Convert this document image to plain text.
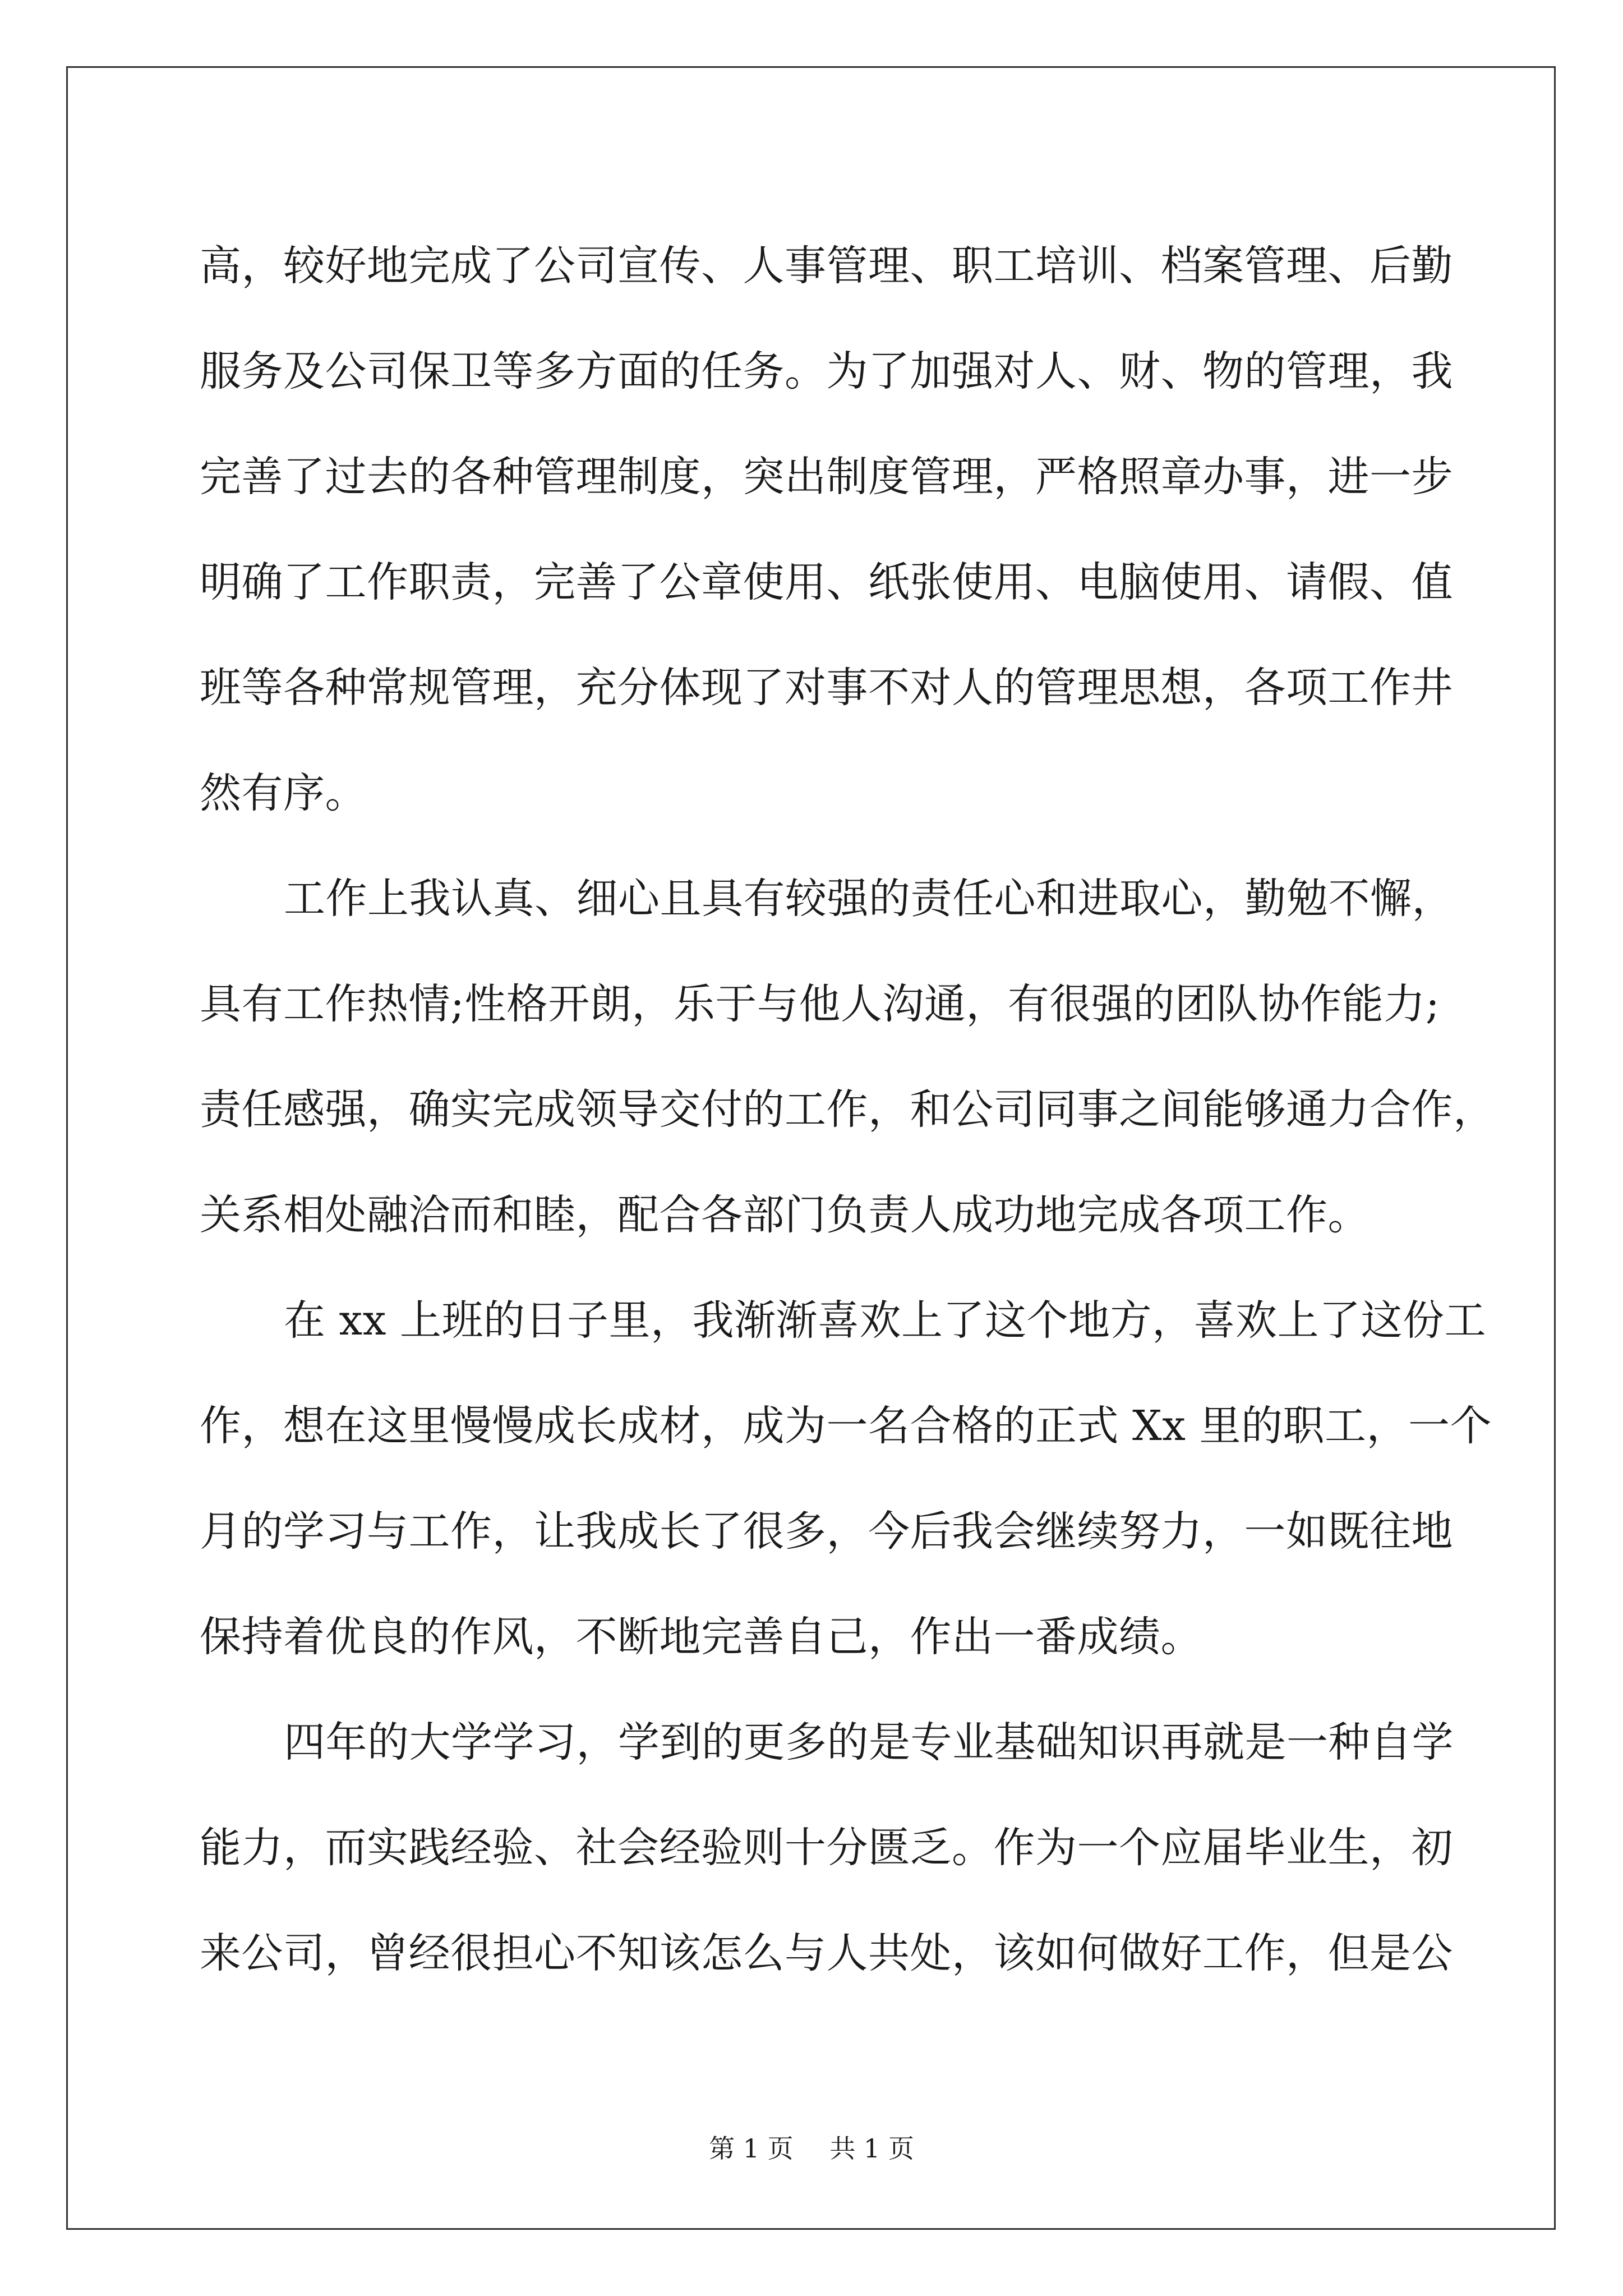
高，较好地完成了公司宣传、人事管理、职工培训、档案管理、后勤
服务及公司保卫等多方面的任务。为了加强对人、财、物的管理，我
完善了过去的各种管理制度，突出制度管理，严格照章办事，进一步
明确了工作职责，完善了公章使用、纸张使用、电脑使用、请假、值
班等各种常规管理，充分体现了对事不对人的管理思想，各项工作井
然有序。
工作上我认真、细心且具有较强的责任心和进取心，勤勉不懈，
具有工作热情;性格开朗，乐于与他人沟通，有很强的团队协作能力;
责任感强，确实完成领导交付的工作，和公司同事之间能够通力合作，
关系相处融洽而和睦，配合各部门负责人成功地完成各项工作。
在 xx 上班的日子里，我渐渐喜欢上了这个地方，喜欢上了这份工
作，想在这里慢慢成长成材，成为一名合格的正式 Xx 里的职工，一个
月的学习与工作，让我成长了很多，今后我会继续努力，一如既往地
保持着优良的作风，不断地完善自己，作出一番成绩。
四年的大学学习，学到的更多的是专业基础知识再就是一种自学
能力，而实践经验、社会经验则十分匮乏。作为一个应届毕业生，初
来公司，曾经很担心不知该怎么与人共处，该如何做好工作，但是公
第 1 页 共 1 页
